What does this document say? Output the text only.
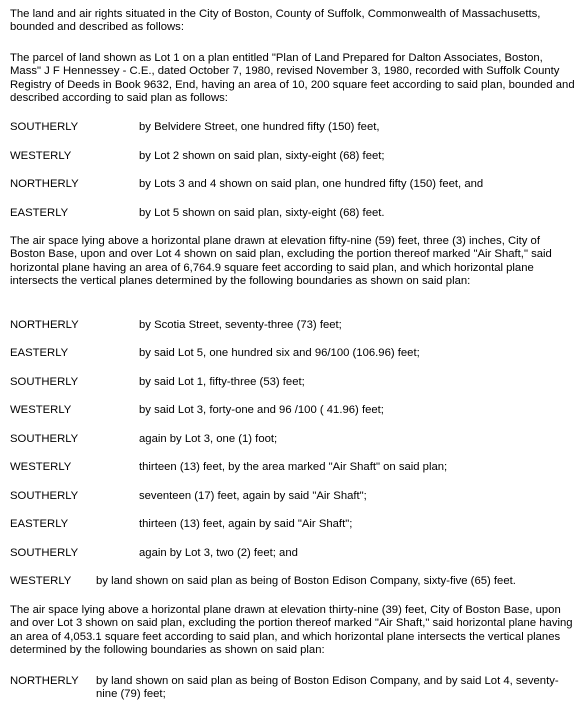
The land and air rights situated in the City of Boston, County of Suffolk, Commonwealth of Massachusetts, bounded and described as follows:

The parcel of land shown as Lot 1 on a plan entitled "Plan of Land Prepared for Dalton Associates, Boston, Mass" J F Hennessey - C.E., dated October 7, 1980, revised November 3, 1980, recorded with Suffolk County Registry of Deeds in Book 9632, End, having an area of 10, 200 square feet according to said plan, bounded and described according to said plan as follows:

SOUTHERLY	by Belvidere Street, one hundred fifty (150) feet,
WESTERLY	by Lot 2 shown on said plan, sixty-eight (68) feet;
NORTHERLY	by Lots 3 and 4 shown on said plan, one hundred fifty (150) feet, and
EASTERLY	by Lot 5 shown on said plan, sixty-eight (68) feet.

The air space lying above a horizontal plane drawn at elevation fifty-nine (59) feet, three (3) inches, City of Boston Base, upon and over Lot 4 shown on said plan, excluding the portion thereof marked "Air Shaft," said horizontal plane having an area of 6,764.9 square feet according to said plan, and which horizontal plane intersects the vertical planes determined by the following boundaries as shown on said plan:

NORTHERLY	by Scotia Street, seventy-three (73) feet;
EASTERLY	by said Lot 5, one hundred six and 96/100 (106.96) feet;
SOUTHERLY	by said Lot 1, fifty-three (53) feet;
WESTERLY	by said Lot 3, forty-one and 96 /100 ( 41.96) feet;
SOUTHERLY	again by Lot 3, one (1) foot;
WESTERLY	thirteen (13) feet, by the area marked "Air Shaft" on said plan;
SOUTHERLY	seventeen (17) feet, again by said "Air Shaft";
EASTERLY	thirteen (13) feet, again by said "Air Shaft";
SOUTHERLY	again by Lot 3, two (2) feet; and
WESTERLY by land shown on said plan as being of Boston Edison Company, sixty-five (65) feet.

The air space lying above a horizontal plane drawn at elevation thirty-nine (39) feet, City of Boston Base, upon and over Lot 3 shown on said plan, excluding the portion thereof marked "Air Shaft," said horizontal plane having an area of 4,053.1 square feet according to said plan, and which horizontal plane intersects the vertical planes determined by the following boundaries as shown on said plan:

NORTHERLY by land shown on said plan as being of Boston Edison Company, and by said Lot 4, seventy-nine (79) feet;
